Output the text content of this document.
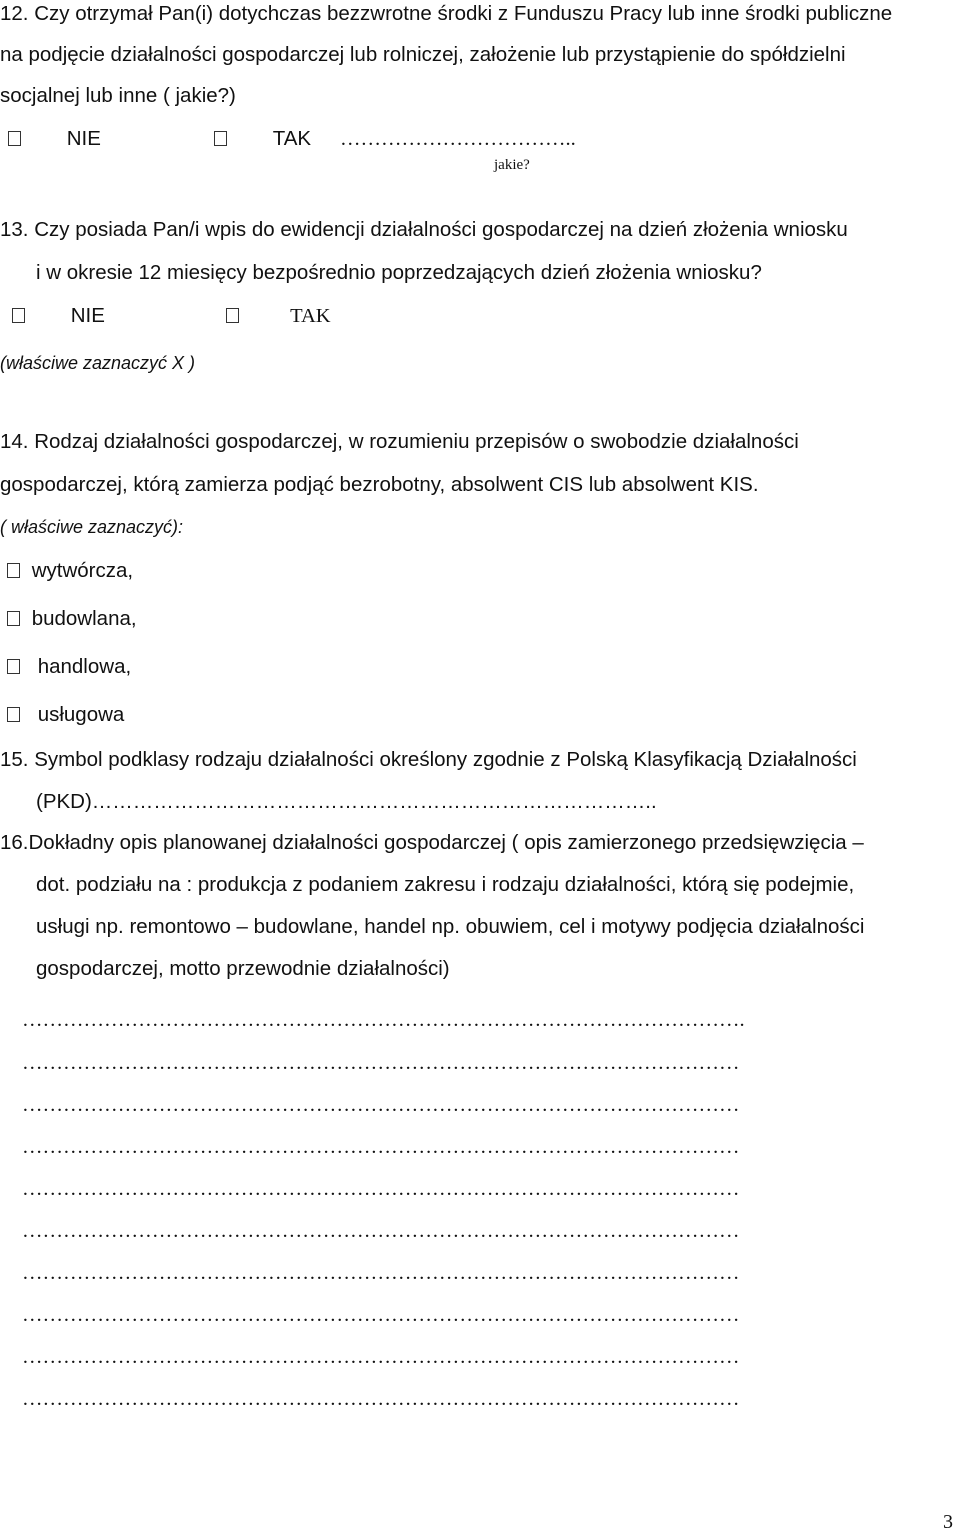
12. Czy otrzymał Pan(i) dotychczas bezzwrotne środki z Funduszu Pracy lub inne środki publiczne
na podjęcie działalności gospodarczej lub rolniczej, założenie lub przystąpienie do spółdzielni
socjalnej lub inne ( jakie?)
NIE	TAK ……………………………..
jakie?
13. Czy posiada Pan/i wpis do ewidencji działalności gospodarczej na dzień złożenia wniosku
i w okresie 12 miesięcy bezpośrednio poprzedzających dzień złożenia wniosku?
NIE	TAK
(właściwe zaznaczyć X )
14. Rodzaj działalności gospodarczej, w rozumieniu przepisów o swobodzie działalności
gospodarczej, którą zamierza podjąć bezrobotny, absolwent CIS lub absolwent KIS.
( właściwe zaznaczyć):
wytwórcza,
budowlana,
handlowa,
usługowa
15. Symbol podklasy rodzaju działalności określony zgodnie z Polską Klasyfikacją Działalności
(PKD)………………………………………………………………………..
16.Dokładny opis planowanej działalności gospodarczej ( opis zamierzonego przedsięwzięcia –
dot. podziału na : produkcja z podaniem zakresu i rodzaju działalności, którą się podejmie,
usługi np. remontowo – budowlane, handel np. obuwiem, cel i motywy podjęcia działalności
gospodarczej, motto przewodnie działalności)
…………………………………………………………………………………………….
……………………………………………………………………………………………
……………………………………………………………………………………………
……………………………………………………………………………………………
……………………………………………………………………………………………
……………………………………………………………………………………………
……………………………………………………………………………………………
……………………………………………………………………………………………
……………………………………………………………………………………………
……………………………………………………………………………………………
3
